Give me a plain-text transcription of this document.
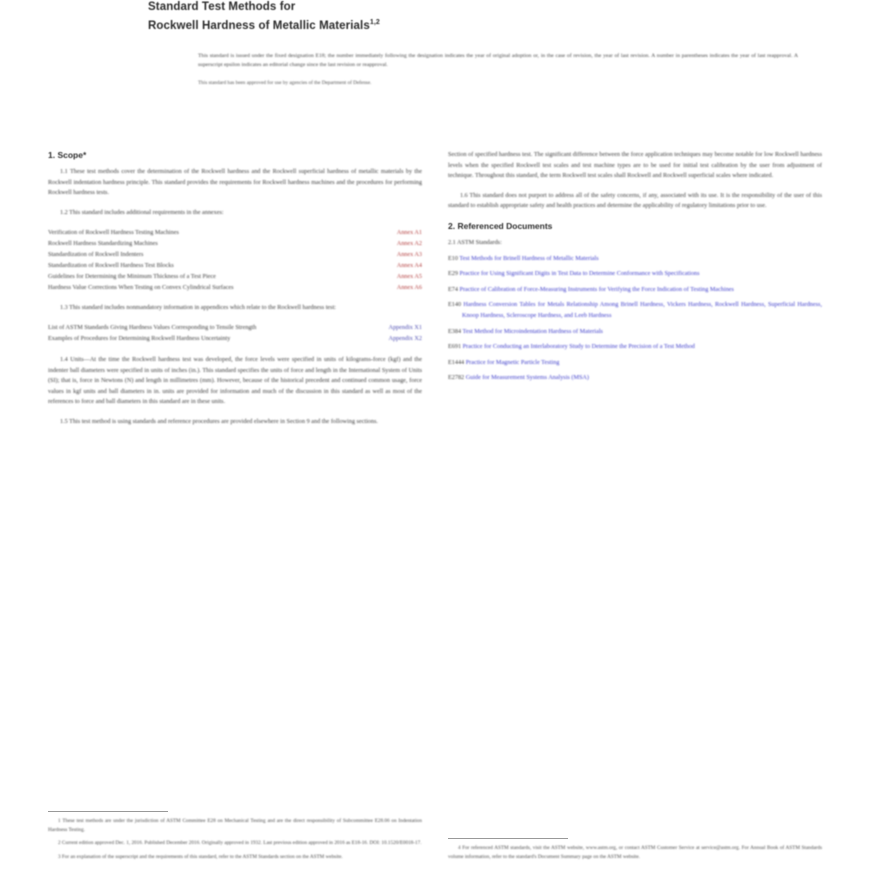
Standard Test Methods for
Rockwell Hardness of Metallic Materials$^{1,2}$

This standard is issued under the fixed designation E18; the number immediately following the designation indicates the year of original adoption or, in the case of revision, the year of last revision. A number in parentheses indicates the year of last reapproval. A superscript epsilon indicates an editorial change since the last revision or reapproval.

This standard has been approved for use by agencies of the Department of Defense.
1. Scope*
1.1 These test methods cover the determination of the Rockwell hardness and the Rockwell superficial hardness of metallic materials by the Rockwell indentation hardness principle. This standard provides the requirements for Rockwell hardness machines and the procedures for performing Rockwell hardness tests.
1.2 This standard includes additional requirements in the annexes:
Verification of Rockwell Hardness Testing Machines	Annex A1
Rockwell Hardness Standardizing Machines	Annex A2
Standardization of Rockwell Indenters	Annex A3
Standardization of Rockwell Hardness Test Blocks	Annex A4
Guidelines for Determining the Minimum Thickness of a Test Piece	Annex A5
Hardness Value Corrections When Testing on Convex Cylindrical Surfaces	Annex A6
1.3 This standard includes nonmandatory information in appendices which relate to the Rockwell hardness test:
List of ASTM Standards Giving Hardness Values Corresponding to Tensile Strength	Appendix X1
Examples of Procedures for Determining Rockwell Hardness Uncertainty	Appendix X2
1.4 Units—At the time the Rockwell hardness test was developed, the force levels were specified in units of kilograms-force (kgf) and the indenter ball diameters were specified in units of inches (in.). This standard specifies the units of force and length in the International System of Units (SI); that is, force in Newtons (N) and length in millimetres (mm). However, because of the historical precedent and continued common usage, force values in kgf units and ball diameters in in. units are provided for information and much of the discussion in this standard as well as most of the references to force and ball diameters in this standard are in these units.
1.5 This test method is using standards and reference procedures are provided elsewhere in Section 9 and the following sections.
Section of specified hardness test. The significant difference between the force application techniques may become notable for low Rockwell hardness levels when the specified Rockwell test scales and test machine types are to be used for initial test calibration by the user from adjustment of technique. Throughout this standard, the term Rockwell test scales shall Rockwell and Rockwell superficial scales where indicated.
1.6 This standard does not purport to address all of the safety concerns, if any, associated with its use. It is the responsibility of the user of this standard to establish appropriate safety and health practices and determine the applicability of regulatory limitations prior to use.
2. Referenced Documents
2.1 ASTM Standards:
E10 Test Methods for Brinell Hardness of Metallic Materials
E29 Practice for Using Significant Digits in Test Data to Determine Conformance with Specifications
E74 Practice of Calibration of Force-Measuring Instruments for Verifying the Force Indication of Testing Machines
E140 Hardness Conversion Tables for Metals Relationship Among Brinell Hardness, Vickers Hardness, Rockwell Hardness, Superficial Hardness, Knoop Hardness, Scleroscope Hardness, and Leeb Hardness
E384 Test Method for Microindentation Hardness of Materials
E691 Practice for Conducting an Interlaboratory Study to Determine the Precision of a Test Method
E1444 Practice for Magnetic Particle Testing
E2782 Guide for Measurement Systems Analysis (MSA)
1 These test methods are under the jurisdiction of ASTM Committee E28 on Mechanical Testing and are the direct responsibility of Subcommittee E28.06 on Indentation Hardness Testing.
2 Current edition approved Dec. 1, 2016. Published December 2016. Originally approved in 1932. Last previous edition approved in 2016 as E18-16. DOI: 10.1520/E0018-17.
3 For an explanation of the superscript and the requirements of this standard, refer to the ASTM Standards section on the ASTM website.
4 For referenced ASTM standards, visit the ASTM website, www.astm.org, or contact ASTM Customer Service at service@astm.org. For Annual Book of ASTM Standards volume information, refer to the standard's Document Summary page on the ASTM website.
